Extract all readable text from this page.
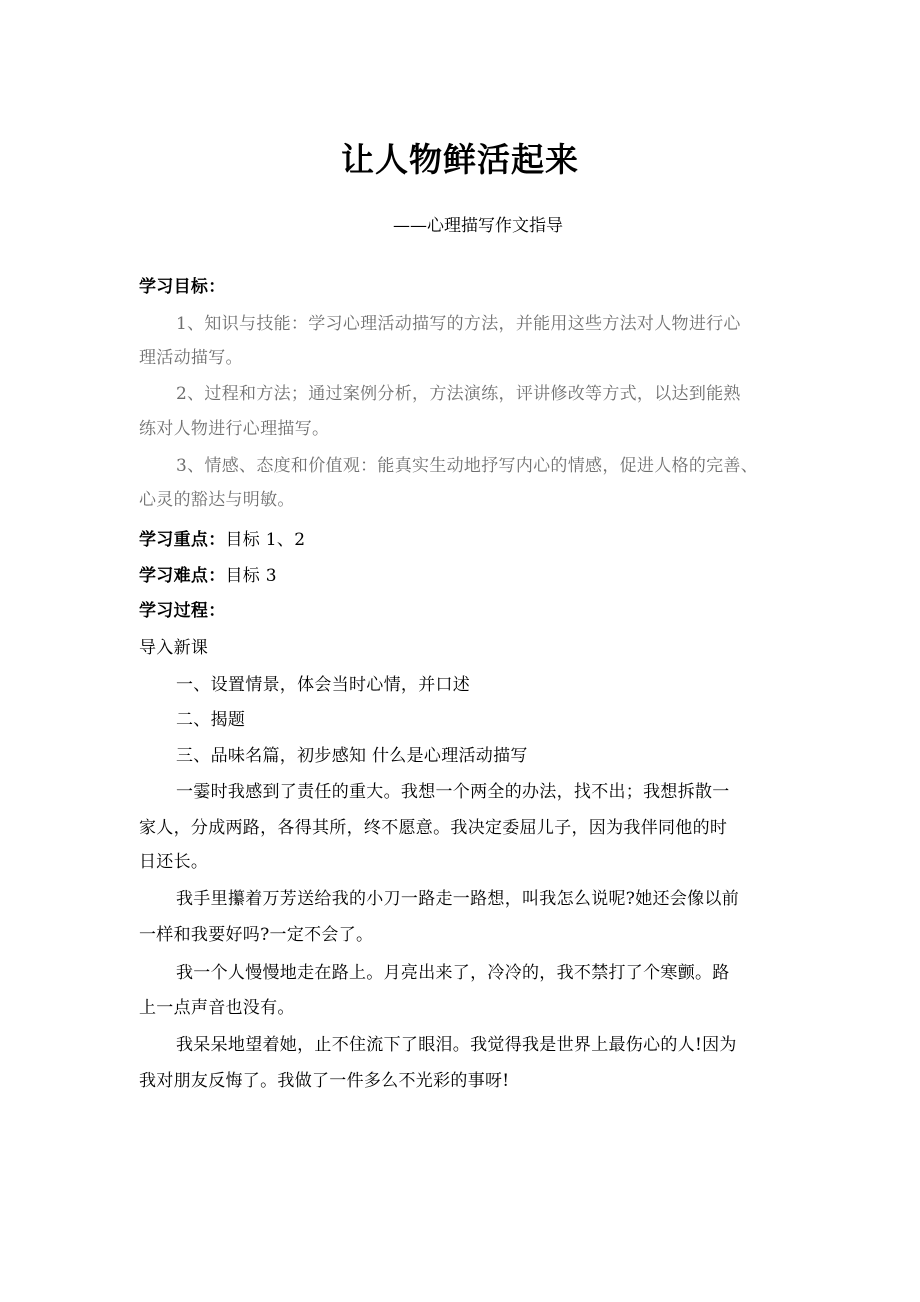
让人物鲜活起来
——心理描写作文指导
学习目标：
1、知识与技能：学习心理活动描写的方法，并能用这些方法对人物进行心
理活动描写。
2、过程和方法；通过案例分析，方法演练，评讲修改等方式，以达到能熟
练对人物进行心理描写。
3、情感、态度和价值观：能真实生动地抒写内心的情感，促进人格的完善、
心灵的豁达与明敏。
学习重点：目标 1、2
学习难点：目标 3
学习过程：
导入新课
一、设置情景，体会当时心情，并口述
二、揭题
三、品味名篇，初步感知 什么是心理活动描写
一霎时我感到了责任的重大。我想一个两全的办法，找不出；我想拆散一
家人，分成两路，各得其所，终不愿意。我决定委屈儿子，因为我伴同他的时
日还长。
我手里攥着万芳送给我的小刀一路走一路想，叫我怎么说呢?她还会像以前
一样和我要好吗?一定不会了。
我一个人慢慢地走在路上。月亮出来了，冷冷的，我不禁打了个寒颤。路
上一点声音也没有。
我呆呆地望着她，止不住流下了眼泪。我觉得我是世界上最伤心的人!因为
我对朋友反悔了。我做了一件多么不光彩的事呀!
